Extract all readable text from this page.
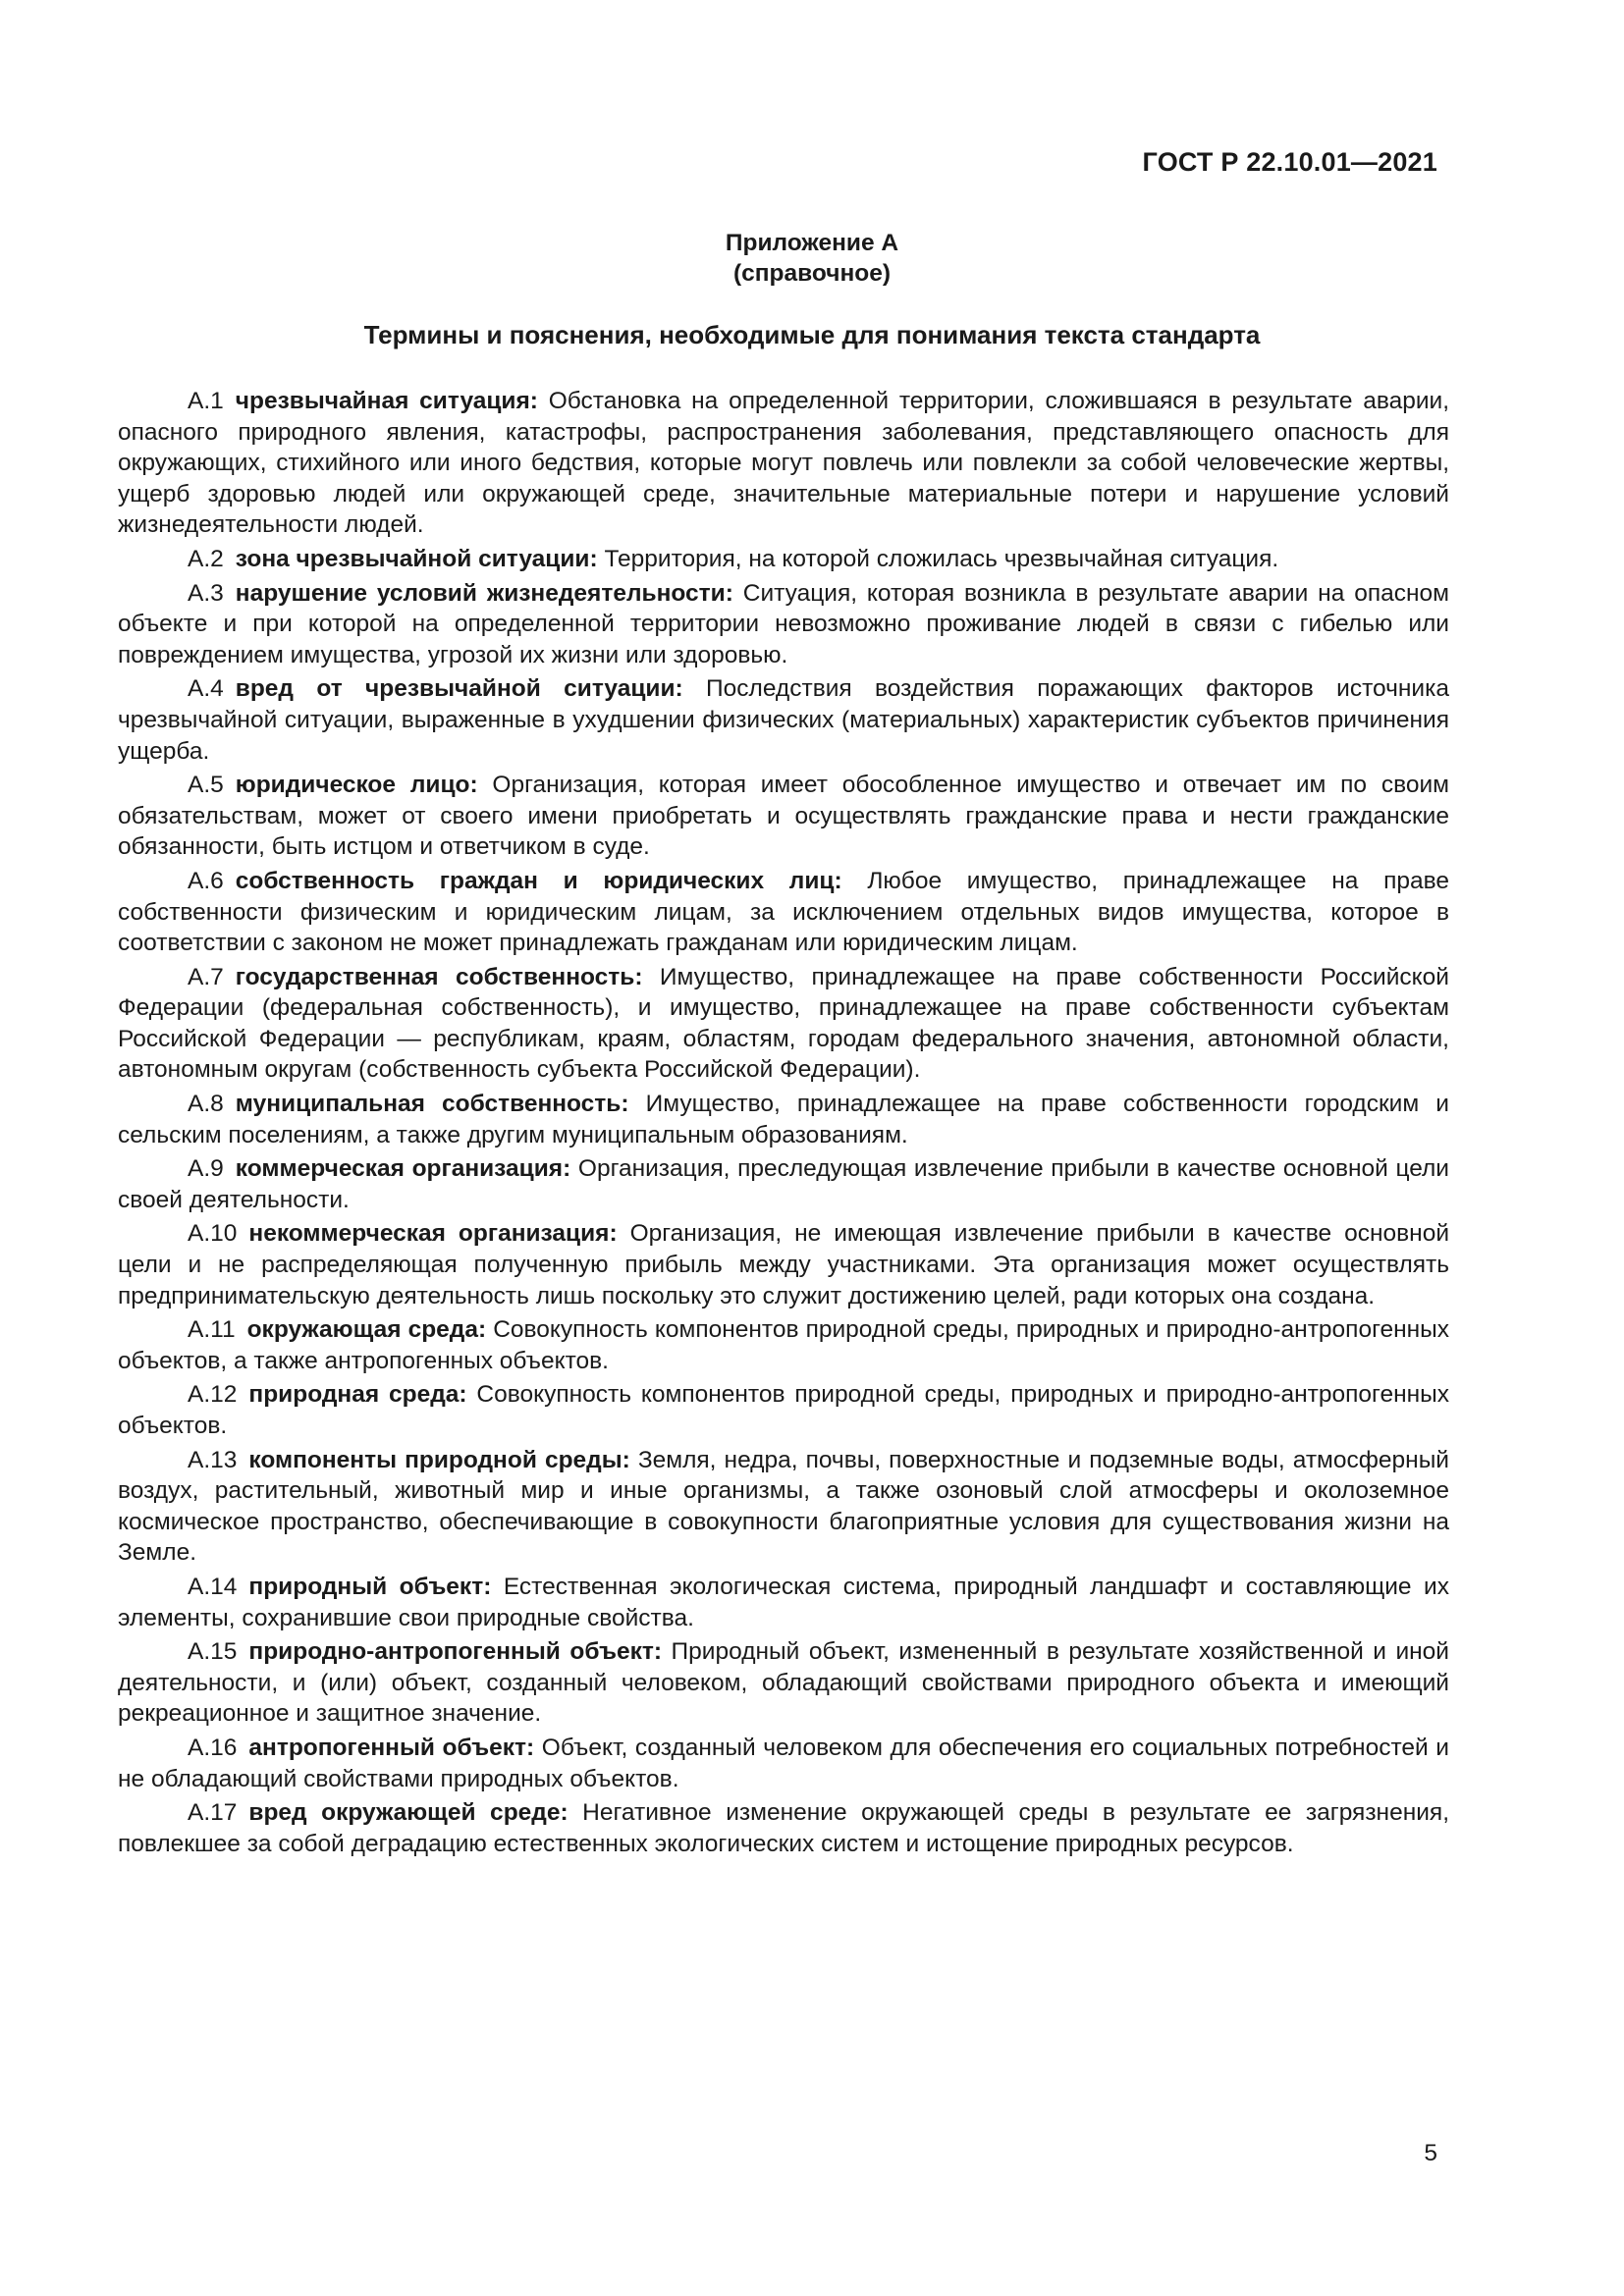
ГОСТ Р 22.10.01—2021
Приложение А
(справочное)
Термины и пояснения, необходимые для понимания текста стандарта

А.1 чрезвычайная ситуация: Обстановка на определенной территории, сложившаяся в результате аварии, опасного природного явления, катастрофы, распространения заболевания, представляющего опасность для окружающих, стихийного или иного бедствия, которые могут повлечь или повлекли за собой человеческие жертвы, ущерб здоровью людей или окружающей среде, значительные материальные потери и нарушение условий жизнедеятельности людей.

А.2 зона чрезвычайной ситуации: Территория, на которой сложилась чрезвычайная ситуация.

А.3 нарушение условий жизнедеятельности: Ситуация, которая возникла в результате аварии на опасном объекте и при которой на определенной территории невозможно проживание людей в связи с гибелью или повреждением имущества, угрозой их жизни или здоровью.

А.4 вред от чрезвычайной ситуации: Последствия воздействия поражающих факторов источника чрезвычайной ситуации, выраженные в ухудшении физических (материальных) характеристик субъектов причинения ущерба.

А.5 юридическое лицо: Организация, которая имеет обособленное имущество и отвечает им по своим обязательствам, может от своего имени приобретать и осуществлять гражданские права и нести гражданские обязанности, быть истцом и ответчиком в суде.

А.6 собственность граждан и юридических лиц: Любое имущество, принадлежащее на праве собственности физическим и юридическим лицам, за исключением отдельных видов имущества, которое в соответствии с законом не может принадлежать гражданам или юридическим лицам.

А.7 государственная собственность: Имущество, принадлежащее на праве собственности Российской Федерации (федеральная собственность), и имущество, принадлежащее на праве собственности субъектам Российской Федерации — республикам, краям, областям, городам федерального значения, автономной области, автономным округам (собственность субъекта Российской Федерации).

А.8 муниципальная собственность: Имущество, принадлежащее на праве собственности городским и сельским поселениям, а также другим муниципальным образованиям.

А.9 коммерческая организация: Организация, преследующая извлечение прибыли в качестве основной цели своей деятельности.

А.10 некоммерческая организация: Организация, не имеющая извлечение прибыли в качестве основной цели и не распределяющая полученную прибыль между участниками. Эта организация может осуществлять предпринимательскую деятельность лишь поскольку это служит достижению целей, ради которых она создана.

А.11 окружающая среда: Совокупность компонентов природной среды, природных и природно-антропогенных объектов, а также антропогенных объектов.

А.12 природная среда: Совокупность компонентов природной среды, природных и природно-антропогенных объектов.

А.13 компоненты природной среды: Земля, недра, почвы, поверхностные и подземные воды, атмосферный воздух, растительный, животный мир и иные организмы, а также озоновый слой атмосферы и околоземное космическое пространство, обеспечивающие в совокупности благоприятные условия для существования жизни на Земле.

А.14 природный объект: Естественная экологическая система, природный ландшафт и составляющие их элементы, сохранившие свои природные свойства.

А.15 природно-антропогенный объект: Природный объект, измененный в результате хозяйственной и иной деятельности, и (или) объект, созданный человеком, обладающий свойствами природного объекта и имеющий рекреационное и защитное значение.

А.16 антропогенный объект: Объект, созданный человеком для обеспечения его социальных потребностей и не обладающий свойствами природных объектов.

А.17 вред окружающей среде: Негативное изменение окружающей среды в результате ее загрязнения, повлекшее за собой деградацию естественных экологических систем и истощение природных ресурсов.

5
